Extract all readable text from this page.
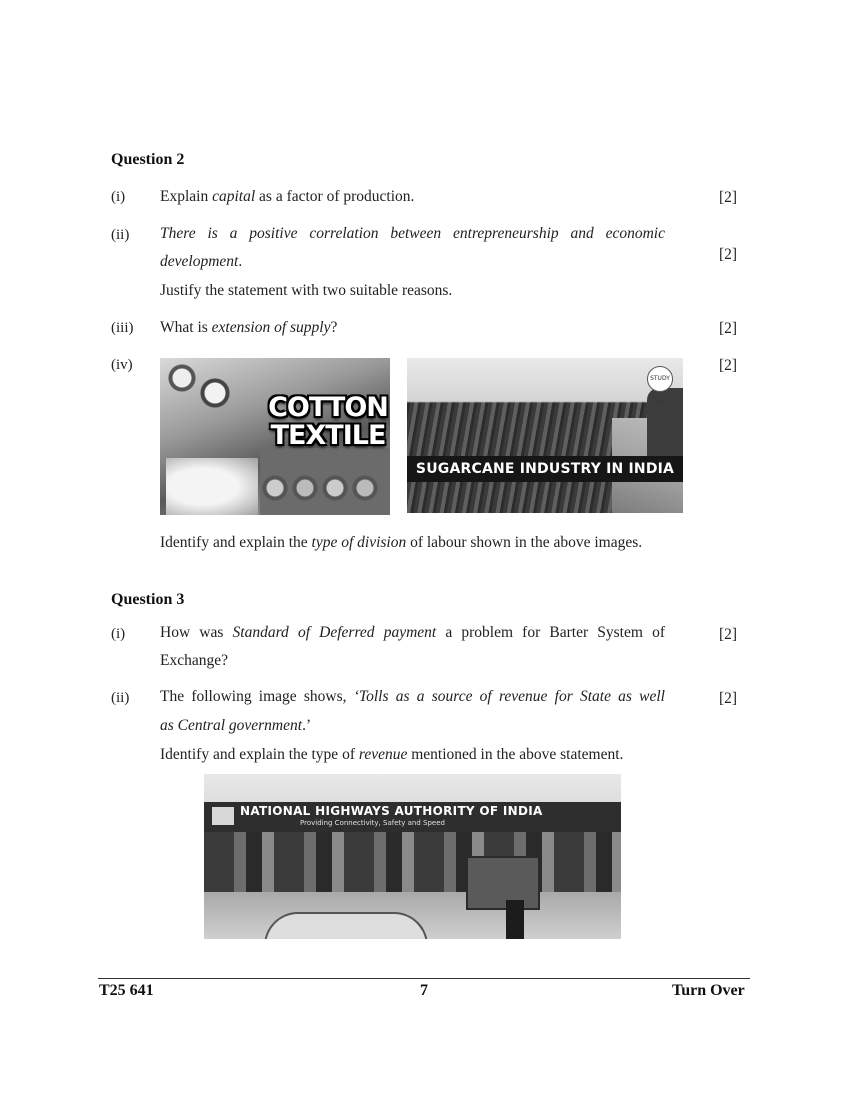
Question 2
(i) Explain capital as a factor of production.	[2]
(ii) There is a positive correlation between entrepreneurship and economic
development.
Justify the statement with two suitable reasons.
[2]
(iii) What is extension of supply?	[2]
(iv)	[2]
COTTON
TEXTILE
STUDY IQ
SUGARCANE INDUSTRY IN INDIA
Identify and explain the type of division of labour shown in the above images.
Question 3
(i) How was Standard of Deferred payment a problem for Barter System of
Exchange?
[2]
(ii) The following image shows, ‘Tolls as a source of revenue for State as well
as Central government.’
Identify and explain the type of revenue mentioned in the above statement.
[2]
NATIONAL HIGHWAYS AUTHORITY OF INDIA
Providing Connectivity, Safety and Speed
T25 641	7	Turn Over
